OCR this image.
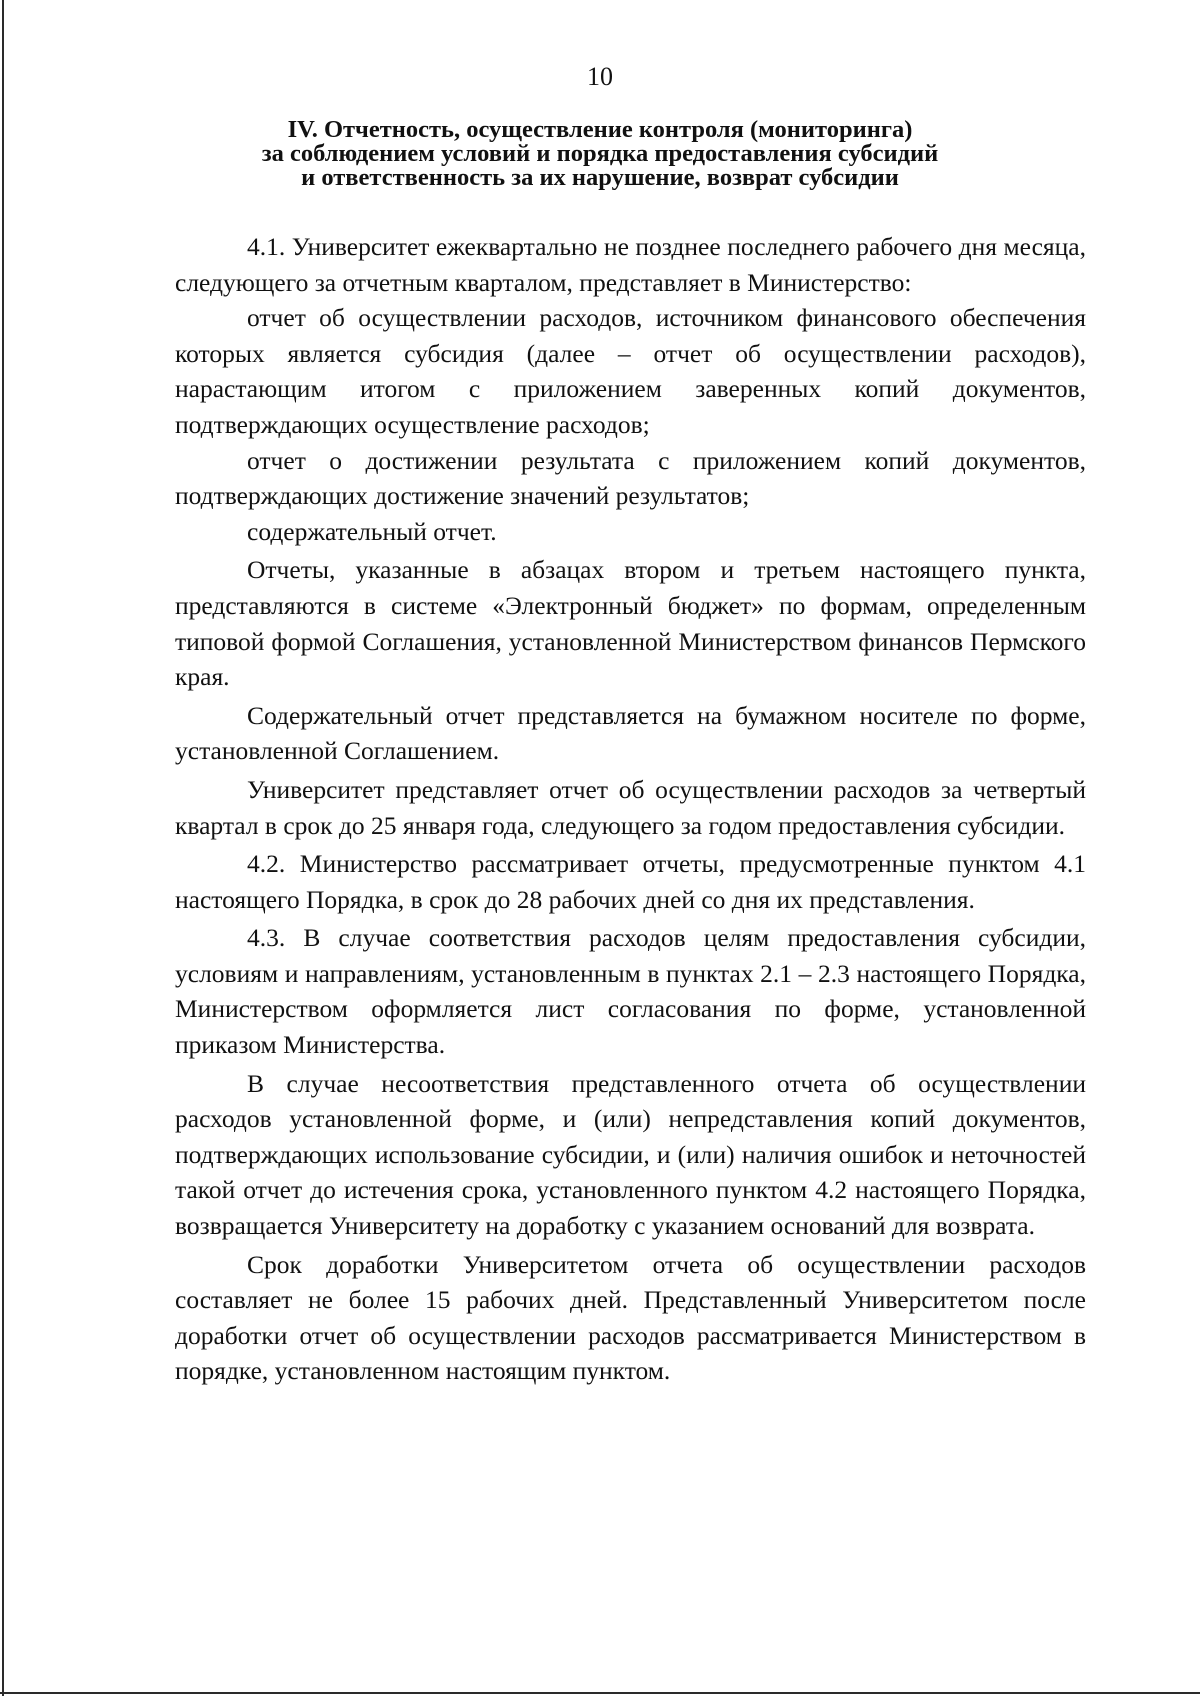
10
IV. Отчетность, осуществление контроля (мониторинга)
за соблюдением условий и порядка предоставления субсидий
и ответственность за их нарушение, возврат субсидии

4.1. Университет ежеквартально не позднее последнего рабочего дня месяца, следующего за отчетным кварталом, представляет в Министерство:

отчет об осуществлении расходов, источником финансового обеспечения которых является субсидия (далее – отчет об осуществлении расходов), нарастающим итогом с приложением заверенных копий документов, подтверждающих осуществление расходов;

отчет о достижении результата с приложением копий документов, подтверждающих достижение значений результатов;

содержательный отчет.

Отчеты, указанные в абзацах втором и третьем настоящего пункта, представляются в системе «Электронный бюджет» по формам, определенным типовой формой Соглашения, установленной Министерством финансов Пермского края.

Содержательный отчет представляется на бумажном носителе по форме, установленной Соглашением.

Университет представляет отчет об осуществлении расходов за четвертый квартал в срок до 25 января года, следующего за годом предоставления субсидии.

4.2. Министерство рассматривает отчеты, предусмотренные пунктом 4.1 настоящего Порядка, в срок до 28 рабочих дней со дня их представления.

4.3. В случае соответствия расходов целям предоставления субсидии, условиям и направлениям, установленным в пунктах 2.1 – 2.3 настоящего Порядка, Министерством оформляется лист согласования по форме, установленной приказом Министерства.

В случае несоответствия представленного отчета об осуществлении расходов установленной форме, и (или) непредставления копий документов, подтверждающих использование субсидии, и (или) наличия ошибок и неточностей такой отчет до истечения срока, установленного пунктом 4.2 настоящего Порядка, возвращается Университету на доработку с указанием оснований для возврата.

Срок доработки Университетом отчета об осуществлении расходов составляет не более 15 рабочих дней. Представленный Университетом после доработки отчет об осуществлении расходов рассматривается Министерством в порядке, установленном настоящим пунктом.
